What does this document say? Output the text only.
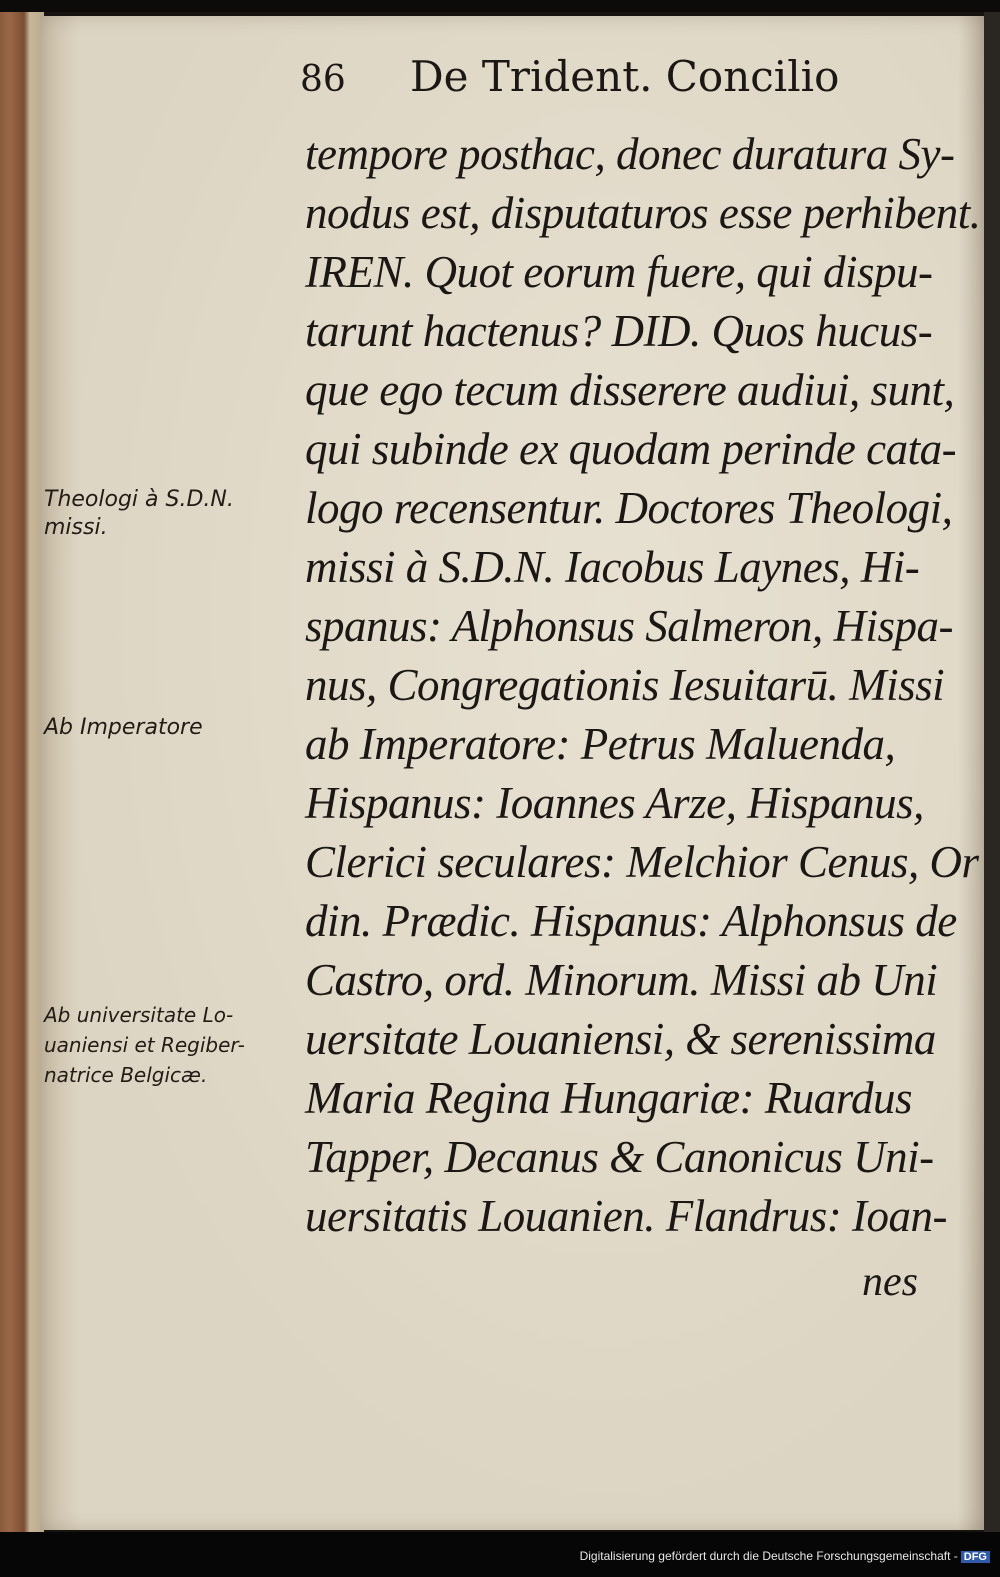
86 De Trident. Concilio
tempore posthac, donec duratura Sy-
nodus est, disputaturos esse perhibent.
IREN. Quot eorum fuere, qui dispu-
tarunt hactenus? DID. Quos hucus-
que ego tecum disserere audiui, sunt,
qui subinde ex quodam perinde cata-
logo recensentur. Doctores Theologi,
missi à S.D.N. Iacobus Laynes, Hi-
spanus: Alphonsus Salmeron, Hispa-
nus, Congregationis Iesuitarū. Missi
ab Imperatore: Petrus Maluenda,
Hispanus: Ioannes Arze, Hispanus,
Clerici seculares: Melchior Cenus, Or
din. Prædic. Hispanus: Alphonsus de
Castro, ord. Minorum. Missi ab Uni
uersitate Louaniensi, & serenissima
Maria Regina Hungariæ: Ruardus
Tapper, Decanus & Canonicus Uni-
uersitatis Louanien. Flandrus: Ioan-
nes
Theologi à S.D.N.
missi.
Ab Imperatore
Ab universitate Lo-
uaniensi et Regiber-
natrice Belgicæ.
Digitalisierung gefördert durch die Deutsche Forschungsgemeinschaft - DFG
